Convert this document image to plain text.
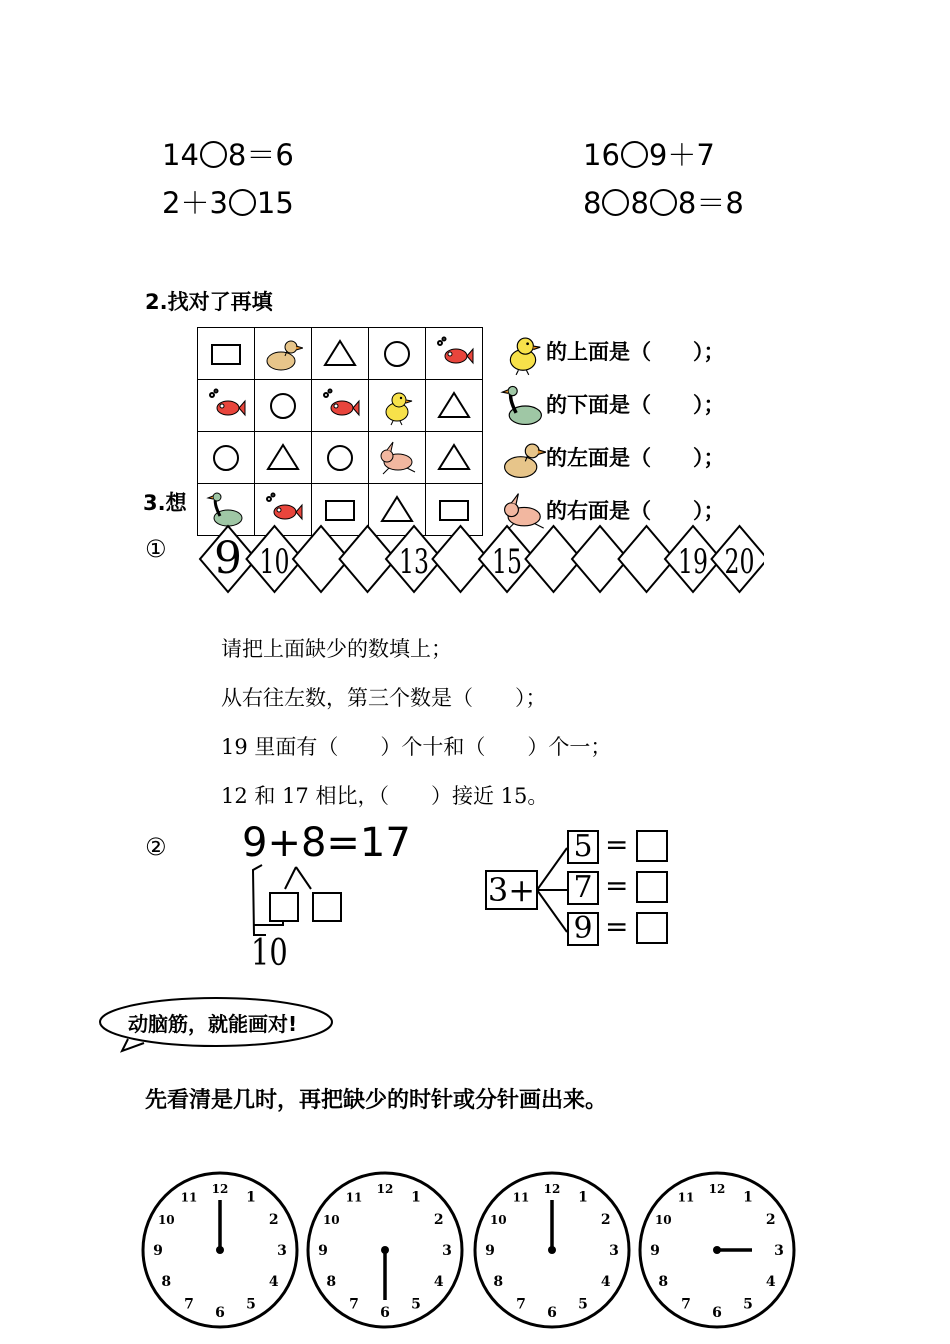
14 8＝6
2＋3 15
16 9＋7
8 8 8＝8
2.找对了再填

的上面是（　　）；
的下面是（　　）；
的左面是（　　）；
的右面是（　　）；
3.想
① 9 10	13 15	19 20
请把上面缺少的数填上；
从右往左数，第三个数是（　　）；
19 里面有（　　）个十和（　　）个一；
12 和 17 相比，（　　）接近 15。
② 9+8=17
10
3+
5 =
7 =
9 =
动脑筋，就能画对!
先看清是几时，再把缺少的时针或分针画出来。
12
1
2
3
4
5
6
7
8
9
10
11
12
1
2
3
4
5
6
7
8
9
10
11
12
1
2
3
4
5
6
7
8
9
10
11
12
1
2
3
4
5
6
7
8
9
10
11
